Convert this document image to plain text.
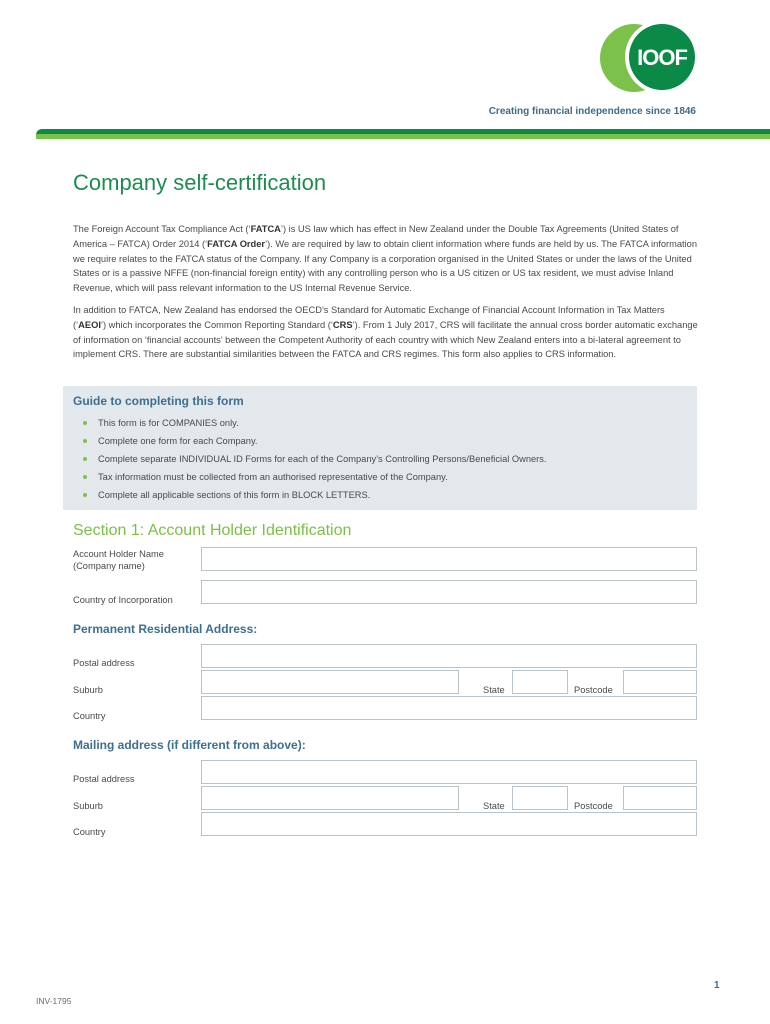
IOOF
Creating financial independence since 1846
Company self-certification

The Foreign Account Tax Compliance Act (‘FATCA’) is US law which has effect in New Zealand under the Double Tax Agreements (United States of America – FATCA) Order 2014 (‘FATCA Order’). We are required by law to obtain client information where funds are held by us. The FATCA information we require relates to the FATCA status of the Company. If any Company is a corporation organised in the United States or under the laws of the United States or is a passive NFFE (non-financial foreign entity) with any controlling person who is a US citizen or US tax resident, we must advise Inland Revenue, which will pass relevant information to the US Internal Revenue Service.

In addition to FATCA, New Zealand has endorsed the OECD’s Standard for Automatic Exchange of Financial Account Information in Tax Matters (‘AEOI’) which incorporates the Common Reporting Standard (‘CRS’). From 1 July 2017, CRS will facilitate the annual cross border automatic exchange of information on ‘financial accounts’ between the Competent Authority of each country with which New Zealand enters into a bi-lateral agreement to implement CRS. There are substantial similarities between the FATCA and CRS regimes. This form also applies to CRS information.

Guide to completing this form
This form is for COMPANIES only.
Complete one form for each Company.
Complete separate INDIVIDUAL ID Forms for each of the Company’s Controlling Persons/Beneficial Owners.
Tax information must be collected from an authorised representative of the Company.
Complete all applicable sections of this form in BLOCK LETTERS.
Section 1: Account Holder Identification
Account Holder Name
(Company name)
Country of Incorporation
Permanent Residential Address:
Postal address
Suburb	State	Postcode
Country
Mailing address (if different from above):
Postal address
Suburb	State	Postcode
Country
1
INV-1795
